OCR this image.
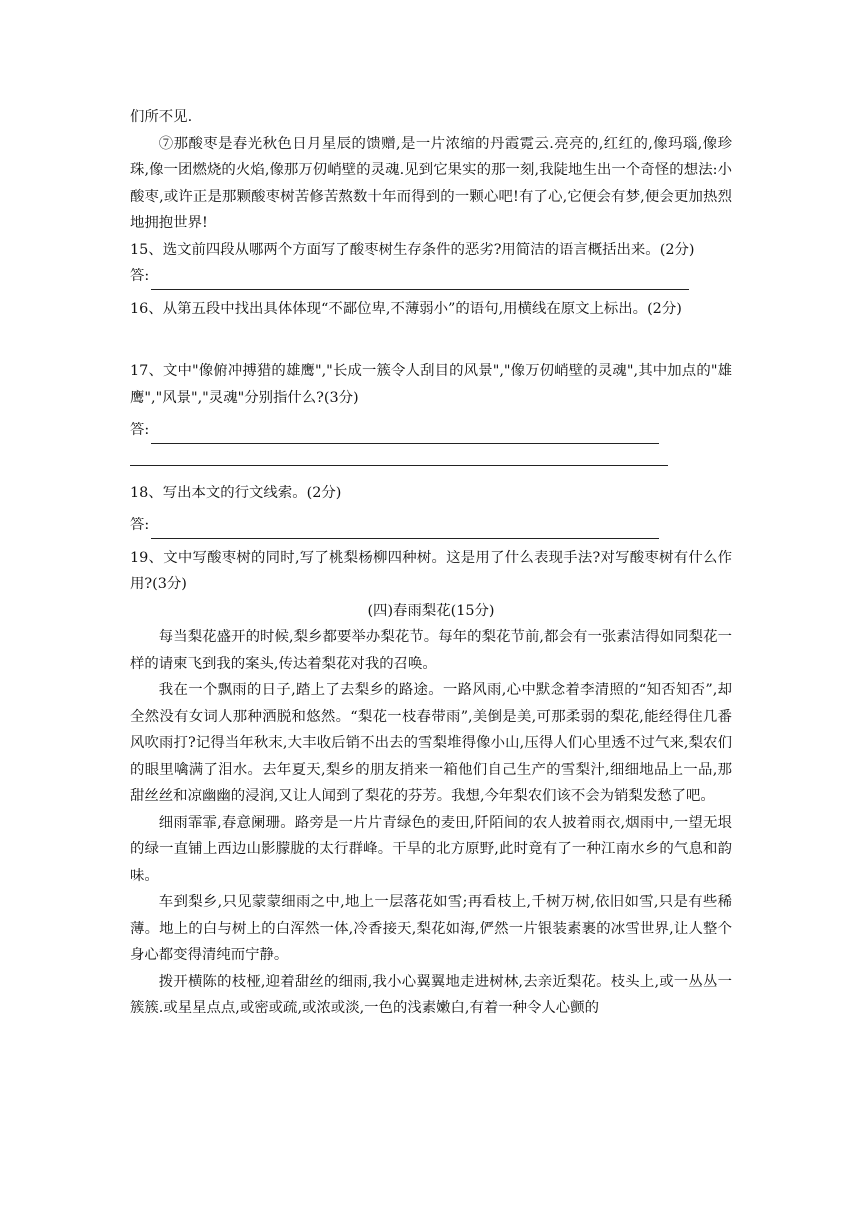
们所不见.

⑦那酸枣是春光秋色日月星辰的馈赠,是一片浓缩的丹霞霓云.亮亮的,红红的,像玛瑙,像珍珠,像一团燃烧的火焰,像那万仞峭壁的灵魂.见到它果实的那一刻,我陡地生出一个奇怪的想法:小酸枣,或许正是那颗酸枣树苦修苦熬数十年而得到的一颗心吧!有了心,它便会有梦,便会更加热烈地拥抱世界!

15、选文前四段从哪两个方面写了酸枣树生存条件的恶劣?用简洁的语言概括出来。(2分)

答:

16、从第五段中找出具体体现“不鄙位卑,不薄弱小”的语句,用横线在原文上标出。(2分)

17、文中"像俯冲搏猎的雄鹰","长成一簇令人刮目的风景","像万仞峭壁的灵魂",其中加点的"雄鹰","风景","灵魂"分别指什么?(3分)

答:

18、写出本文的行文线索。(2分)

答:

19、文中写酸枣树的同时,写了桃梨杨柳四种树。这是用了什么表现手法?对写酸枣树有什么作用?(3分)

(四)春雨梨花(15分)

每当梨花盛开的时候,梨乡都要举办梨花节。每年的梨花节前,都会有一张素洁得如同梨花一样的请柬飞到我的案头,传达着梨花对我的召唤。

我在一个飘雨的日子,踏上了去梨乡的路途。一路风雨,心中默念着李清照的“知否知否”,却全然没有女词人那种洒脱和悠然。“梨花一枝春带雨”,美倒是美,可那柔弱的梨花,能经得住几番风吹雨打?记得当年秋末,大丰收后销不出去的雪梨堆得像小山,压得人们心里透不过气来,梨农们的眼里噙满了泪水。去年夏天,梨乡的朋友捎来一箱他们自己生产的雪梨汁,细细地品上一品,那甜丝丝和凉幽幽的浸润,又让人闻到了梨花的芬芳。我想,今年梨农们该不会为销梨发愁了吧。

细雨霏霏,春意阑珊。路旁是一片片青绿色的麦田,阡陌间的农人披着雨衣,烟雨中,一望无垠的绿一直铺上西边山影朦胧的太行群峰。干旱的北方原野,此时竟有了一种江南水乡的气息和韵味。

车到梨乡,只见蒙蒙细雨之中,地上一层落花如雪;再看枝上,千树万树,依旧如雪,只是有些稀薄。地上的白与树上的白浑然一体,冷香接天,梨花如海,俨然一片银装素裹的冰雪世界,让人整个身心都变得清纯而宁静。

拨开横陈的枝桠,迎着甜丝的细雨,我小心翼翼地走进树林,去亲近梨花。枝头上,或一丛丛一簇簇.或星星点点,或密或疏,或浓或淡,一色的浅素嫩白,有着一种令人心颤的
